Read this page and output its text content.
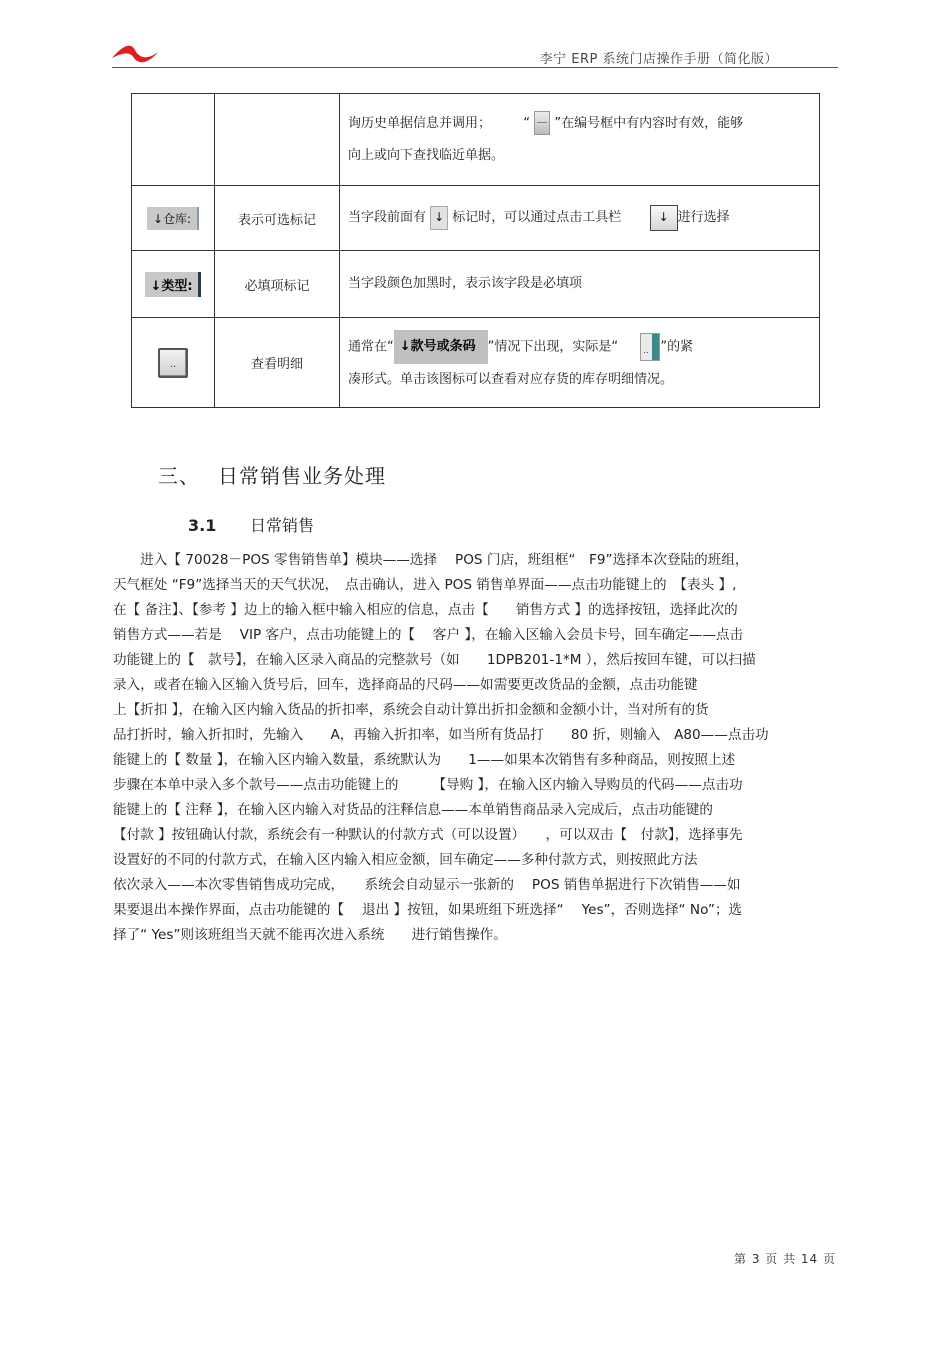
李宁 ERP 系统门店操作手册（简化版）
		询历史单据信息并调用； “ ”在编号框中有内容时有效，能够
向上或向下查找临近单据。
↓仓库:	表示可选标记	当字段前面有 ↓ 标记时，可以通过点击工具栏 ↓ 进行选择
↓类型:	必填项标记	当字段颜色加黑时，表示该字段是必填项
..	查看明细	通常在“ ↓款号或条码 ”情况下出现，实际是“ .. ”的紧
凑形式。单击该图标可以查看对应存货的库存明细情况。
三、 日常销售业务处理
3.1 日常销售
　　进入【 70028－POS 零售销售单】模块——选择　 POS 门店，班组框“　F9”选择本次登陆的班组，
天气框处 “F9”选择当天的天气状况，　点击确认，进入 POS 销售单界面——点击功能键上的　【表头 】,
在【 备注】、【参考 】边上的输入框中输入相应的信息，点击【　　销售方式 】的选择按钮，选择此次的
销售方式——若是　 VIP 客户，点击功能键上的【　 客户 】，在输入区输入会员卡号，回车确定——点击
功能键上的【　款号】，在输入区录入商品的完整款号（如　　1DPB201-1*M ），然后按回车键，可以扫描
录入，或者在输入区输入货号后，回车，选择商品的尺码——如需要更改货品的金额，点击功能键
上【折扣 】，在输入区内输入货品的折扣率，系统会自动计算出折扣金额和金额小计，当对所有的货
品打折时，输入折扣时，先输入　　A，再输入折扣率，如当所有货品打　　80 折，则输入　A80——点击功
能键上的【 数量 】，在输入区内输入数量，系统默认为　　1——如果本次销售有多种商品，则按照上述
步骤在本单中录入多个款号——点击功能键上的　　　【导购 】，在输入区内输入导购员的代码——点击功
能键上的【 注释 】，在输入区内输入对货品的注释信息——本单销售商品录入完成后，点击功能键的
【付款 】按钮确认付款，系统会有一种默认的付款方式（可以设置）　　，可以双击【　付款】，选择事先
设置好的不同的付款方式，在输入区内输入相应金额，回车确定——多种付款方式，则按照此方法
依次录入——本次零售销售成功完成，　　系统会自动显示一张新的　 POS 销售单据进行下次销售——如
果要退出本操作界面，点击功能键的【　 退出 】按钮，如果班组下班选择“　 Yes”，否则选择“ No”；选
择了“ Yes”则该班组当天就不能再次进入系统　　进行销售操作。
第 3 页 共 14 页
